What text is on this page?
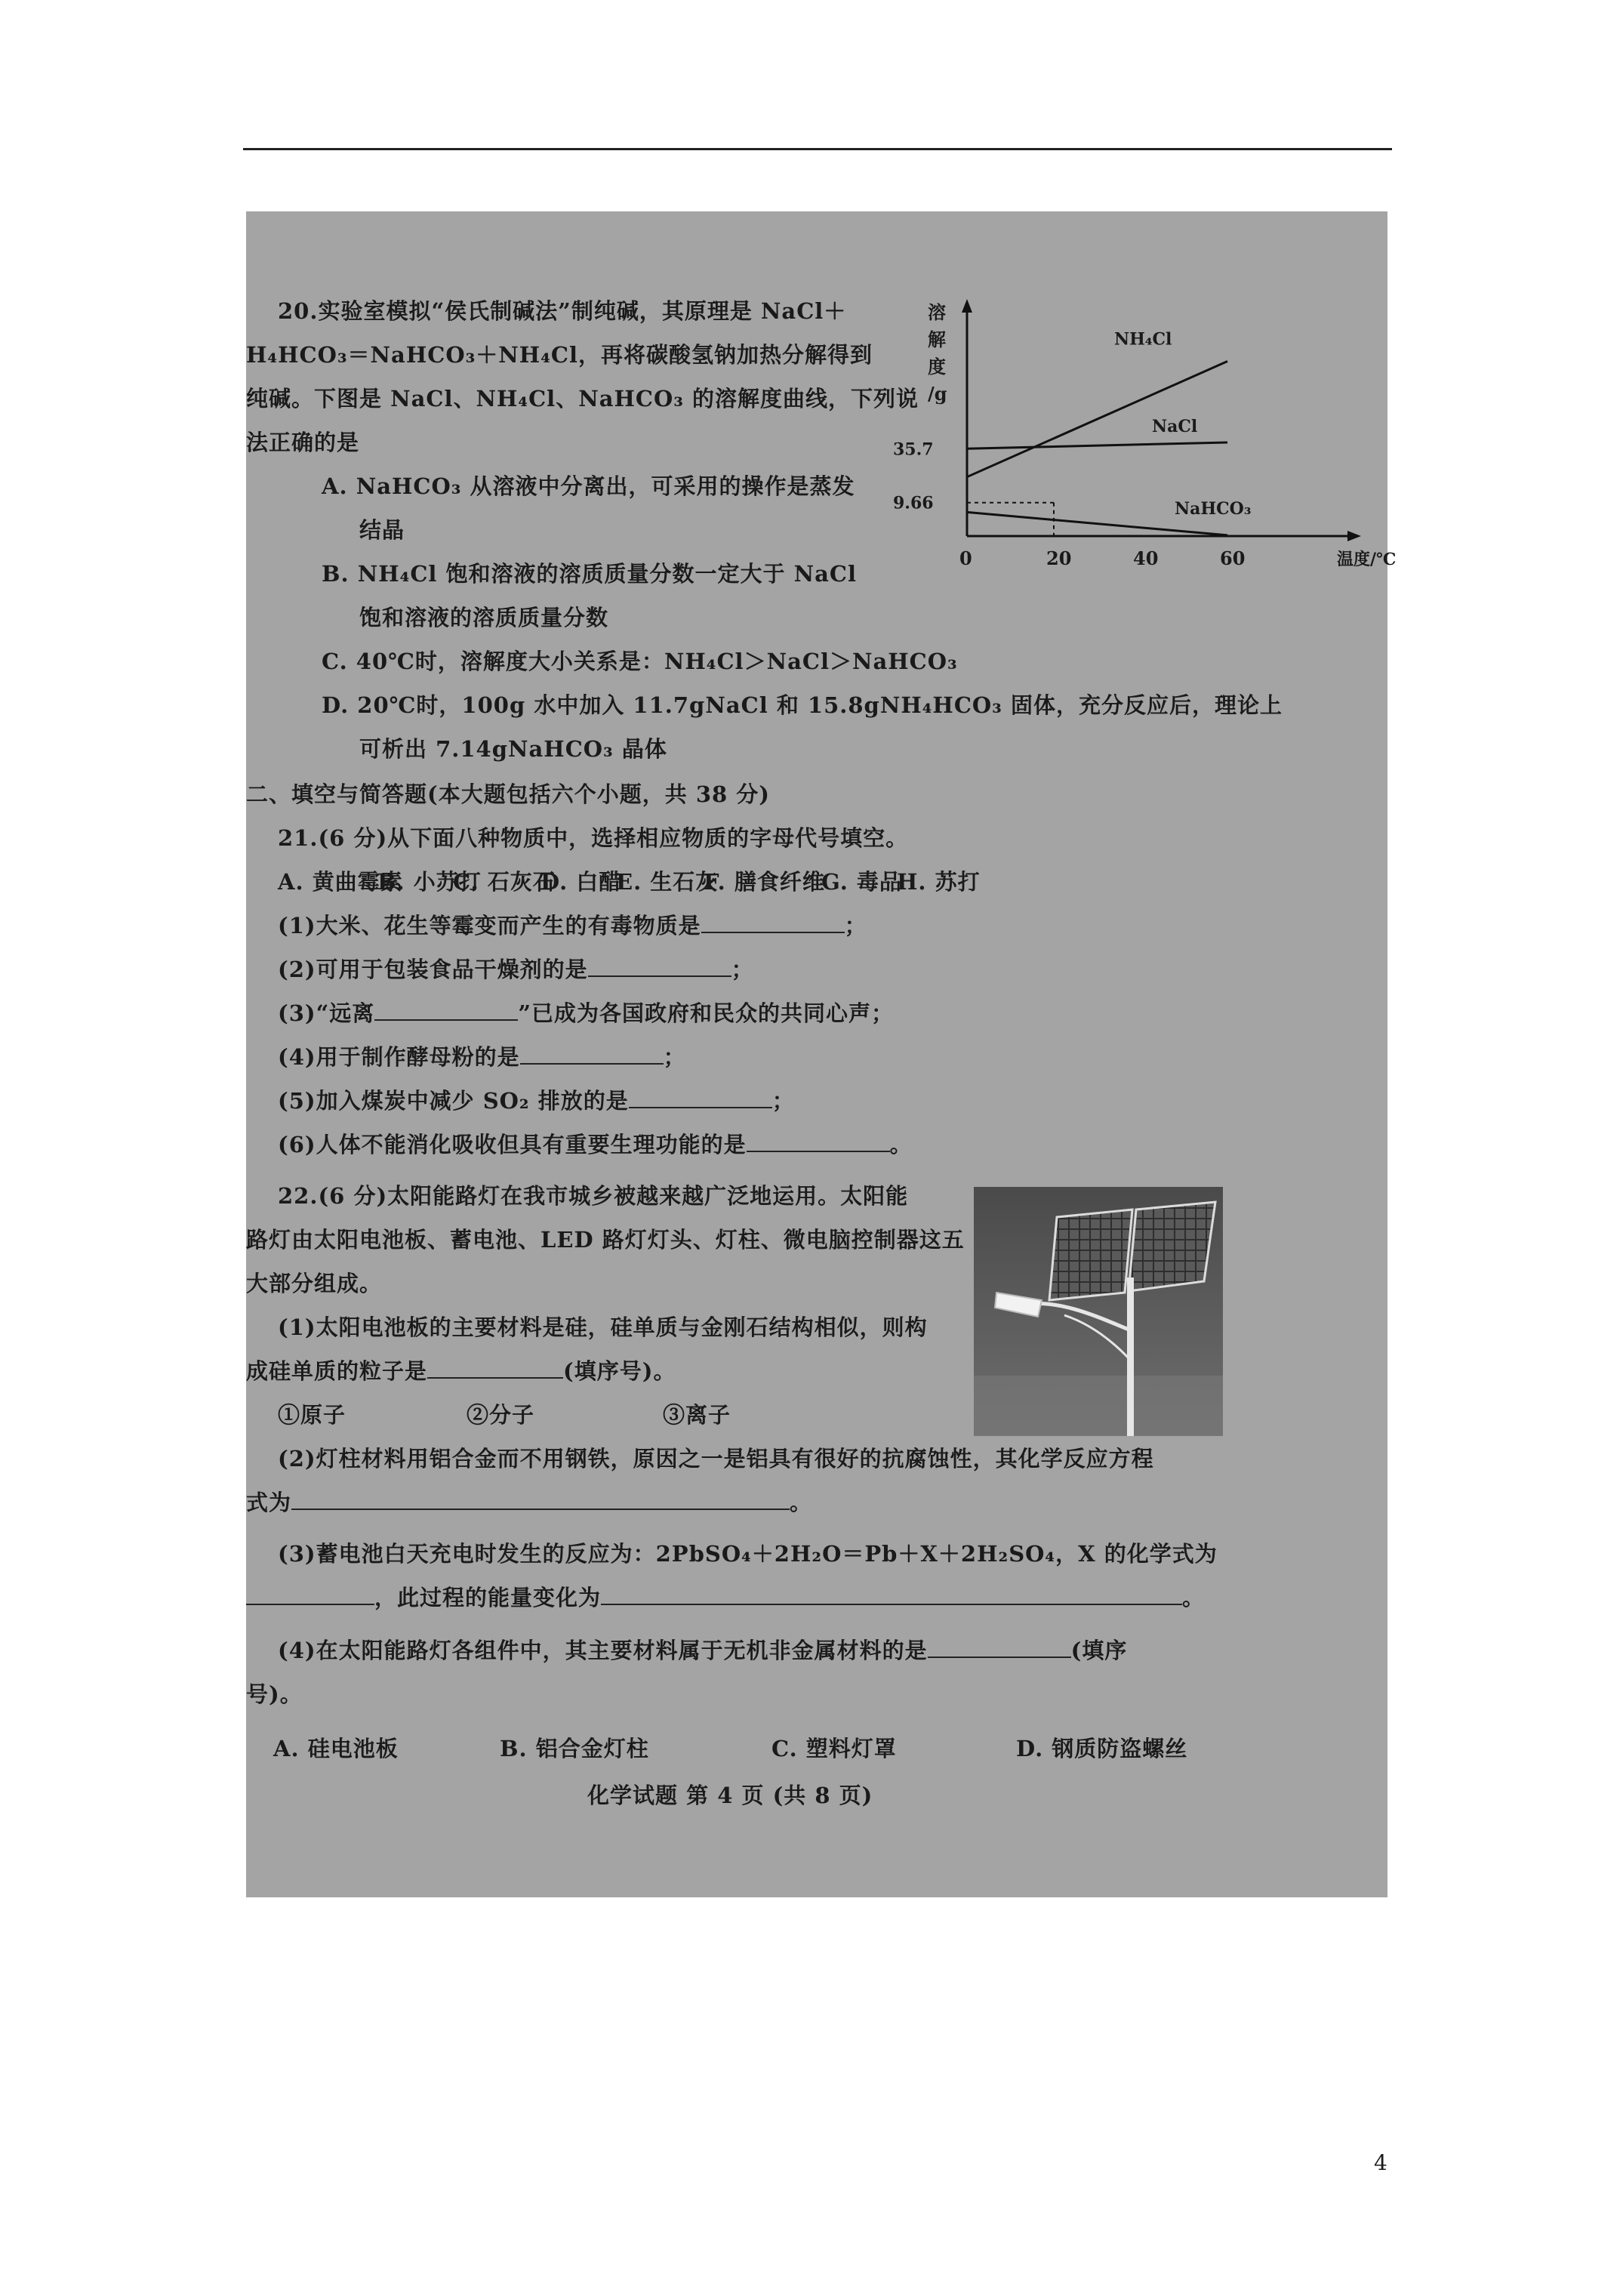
20.实验室模拟“侯氏制碱法”制纯碱，其原理是 NaCl＋
H₄HCO₃＝NaHCO₃＋NH₄Cl，再将碳酸氢钠加热分解得到
纯碱。下图是 NaCl、NH₄Cl、NaHCO₃ 的溶解度曲线，下列说
法正确的是
A. NaHCO₃ 从溶液中分离出，可采用的操作是蒸发
结晶
B. NH₄Cl 饱和溶液的溶质质量分数一定大于 NaCl
饱和溶液的溶质质量分数
C. 40℃时，溶解度大小关系是：NH₄Cl＞NaCl＞NaHCO₃
D. 20℃时，100g 水中加入 11.7gNaCl 和 15.8gNH₄HCO₃ 固体，充分反应后，理论上
可析出 7.14gNaHCO₃ 晶体
溶
解
度
/g
0	20	40	60	温度/℃
35.7
9.66
NH₄Cl
NaCl
NaHCO₃
二、填空与简答题(本大题包括六个小题，共 38 分)
21.(6 分)从下面八种物质中，选择相应物质的字母代号填空。
A. 黄曲霉素B. 小苏打C. 石灰石D. 白醋E. 生石灰F. 膳食纤维G. 毒品H. 苏打
(1)大米、花生等霉变而产生的有毒物质是	；
(2)可用于包装食品干燥剂的是	；
(3)“远离	”已成为各国政府和民众的共同心声；
(4)用于制作酵母粉的是	；
(5)加入煤炭中减少 SO₂ 排放的是	；
(6)人体不能消化吸收但具有重要生理功能的是	。
22.(6 分)太阳能路灯在我市城乡被越来越广泛地运用。太阳能
路灯由太阳电池板、蓄电池、LED 路灯灯头、灯柱、微电脑控制器这五
大部分组成。
(1)太阳电池板的主要材料是硅，硅单质与金刚石结构相似，则构
成硅单质的粒子是	(填序号)。
①原子	②分子	③离子
(2)灯柱材料用铝合金而不用钢铁，原因之一是铝具有很好的抗腐蚀性，其化学反应方程
式为	。
(3)蓄电池白天充电时发生的反应为：2PbSO₄＋2H₂O＝Pb＋X＋2H₂SO₄，X 的化学式为
，此过程的能量变化为	。
(4)在太阳能路灯各组件中，其主要材料属于无机非金属材料的是	(填序
号)。
A. 硅电池板	B. 铝合金灯柱	C. 塑料灯罩	D. 钢质防盗螺丝
化学试题 第 4 页 (共 8 页)
4
